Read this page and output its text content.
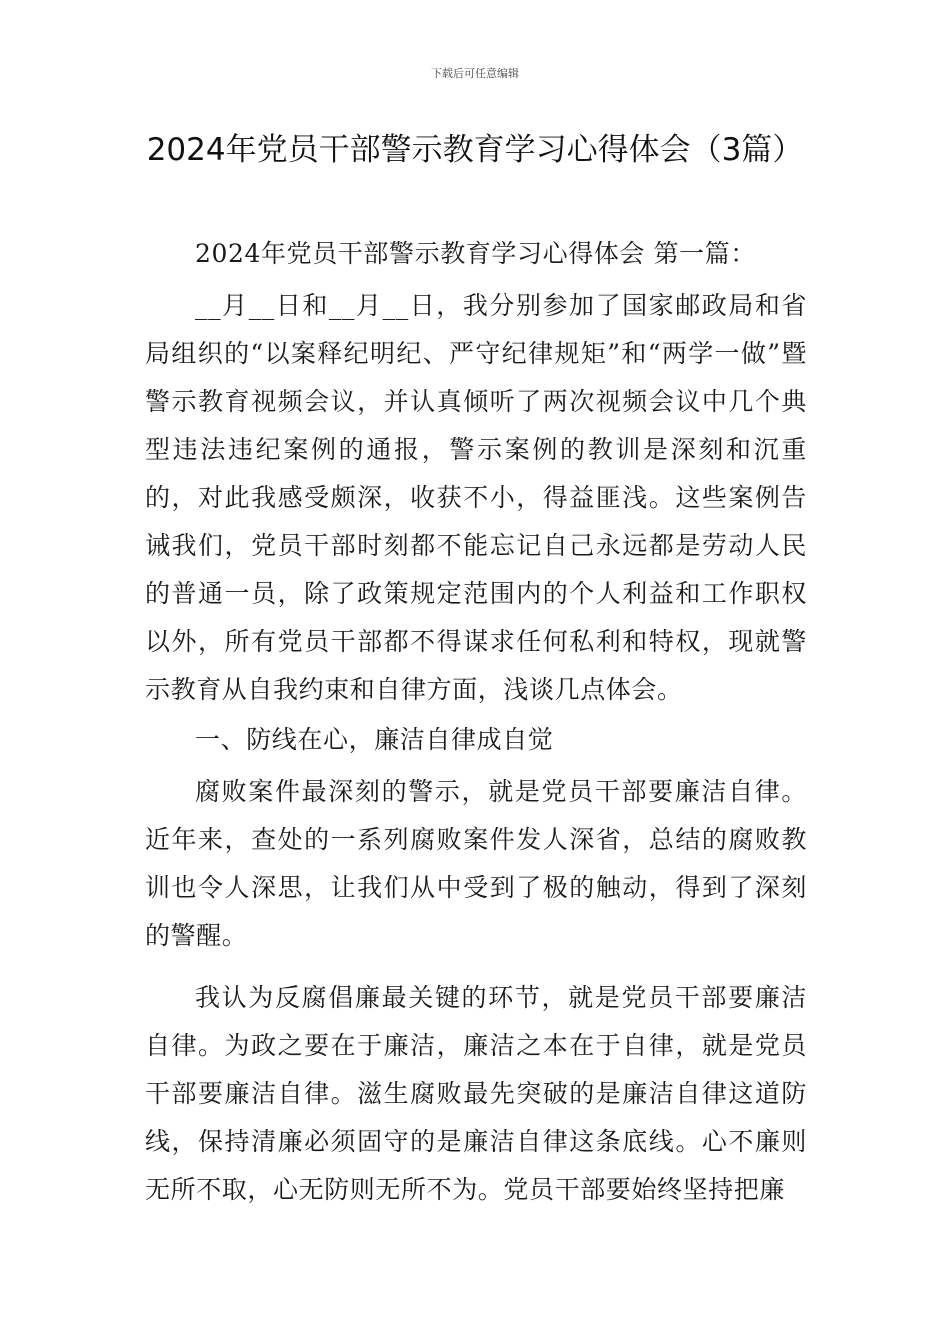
下载后可任意编辑
2024年党员干部警示教育学习心得体会（3篇）

2024年党员干部警示教育学习心得体会 第一篇：

__月__日和__月__日，我分别参加了国家邮政局和省局组织的“以案释纪明纪、严守纪律规矩”和“两学一做”暨警示教育视频会议，并认真倾听了两次视频会议中几个典型违法违纪案例的通报，警示案例的教训是深刻和沉重的，对此我感受颇深，收获不小，得益匪浅。这些案例告诫我们，党员干部时刻都不能忘记自己永远都是劳动人民的普通一员，除了政策规定范围内的个人利益和工作职权以外，所有党员干部都不得谋求任何私利和特权，现就警示教育从自我约束和自律方面，浅谈几点体会。

一、防线在心，廉洁自律成自觉

腐败案件最深刻的警示，就是党员干部要廉洁自律。近年来，查处的一系列腐败案件发人深省，总结的腐败教训也令人深思，让我们从中受到了极的触动，得到了深刻的警醒。

我认为反腐倡廉最关键的环节，就是党员干部要廉洁自律。为政之要在于廉洁，廉洁之本在于自律，就是党员干部要廉洁自律。滋生腐败最先突破的是廉洁自律这道防线，保持清廉必须固守的是廉洁自律这条底线。心不廉则无所不取，心无防则无所不为。党员干部要始终坚持把廉
